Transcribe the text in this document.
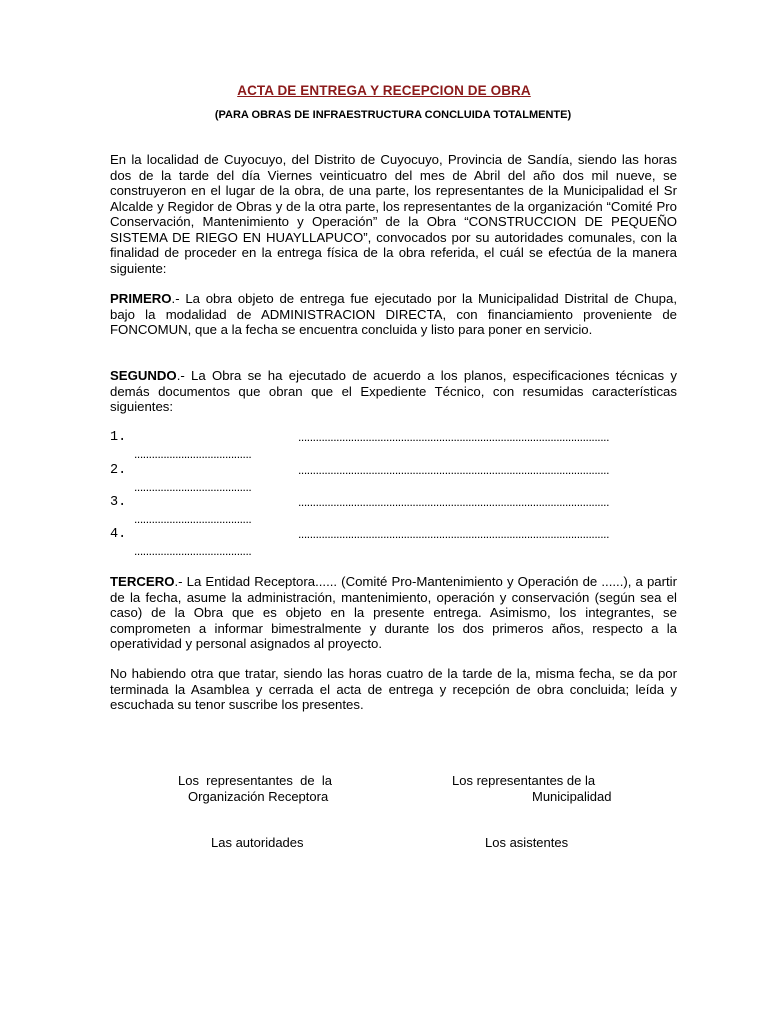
ACTA DE ENTREGA Y RECEPCION DE OBRA
(PARA OBRAS DE INFRAESTRUCTURA CONCLUIDA TOTALMENTE)
En la localidad de Cuyocuyo, del Distrito de Cuyocuyo, Provincia de Sandía, siendo las horas dos de la tarde del día Viernes veinticuatro del mes de Abril del año dos mil nueve, se construyeron en el lugar de la obra, de una parte, los representantes de la Municipalidad el Sr Alcalde y Regidor de Obras y de la otra parte, los representantes de la organización “Comité Pro Conservación, Mantenimiento y Operación” de la Obra “CONSTRUCCION DE PEQUEÑO SISTEMA DE RIEGO EN HUAYLLAPUCO”, convocados por su autoridades comunales, con la finalidad de proceder en la entrega física de la obra referida, el cuál se efectúa de la manera siguiente:
PRIMERO.- La obra objeto de entrega fue ejecutado por la Municipalidad Distrital de Chupa, bajo la modalidad de ADMINISTRACION DIRECTA, con financiamiento proveniente de FONCOMUN, que a la fecha se encuentra concluida y listo para poner en servicio.
SEGUNDO.- La Obra se ha ejecutado de acuerdo a los planos, especificaciones técnicas y demás documentos que obran que el Expediente Técnico, con resumidas características siguientes:
1.	..........................................................................................................
........................................
2.	..........................................................................................................
........................................
3.	..........................................................................................................
........................................
4.	..........................................................................................................
........................................
TERCERO.- La Entidad Receptora...... (Comité Pro-Mantenimiento y Operación de ......), a partir de la fecha, asume la administración, mantenimiento, operación y conservación (según sea el caso) de la Obra que es objeto en la presente entrega. Asimismo, los integrantes, se comprometen a informar bimestralmente y durante los dos primeros años, respecto a la operatividad y personal asignados al proyecto.
No habiendo otra que tratar, siendo las horas cuatro de la tarde de la, misma fecha, se da por terminada la Asamblea y cerrada el acta de entrega y recepción de obra concluida; leída y escuchada su tenor suscribe los presentes.
Los  representantes  de  la
Organización Receptora
Los representantes de la
Municipalidad
Las autoridades	Los asistentes
